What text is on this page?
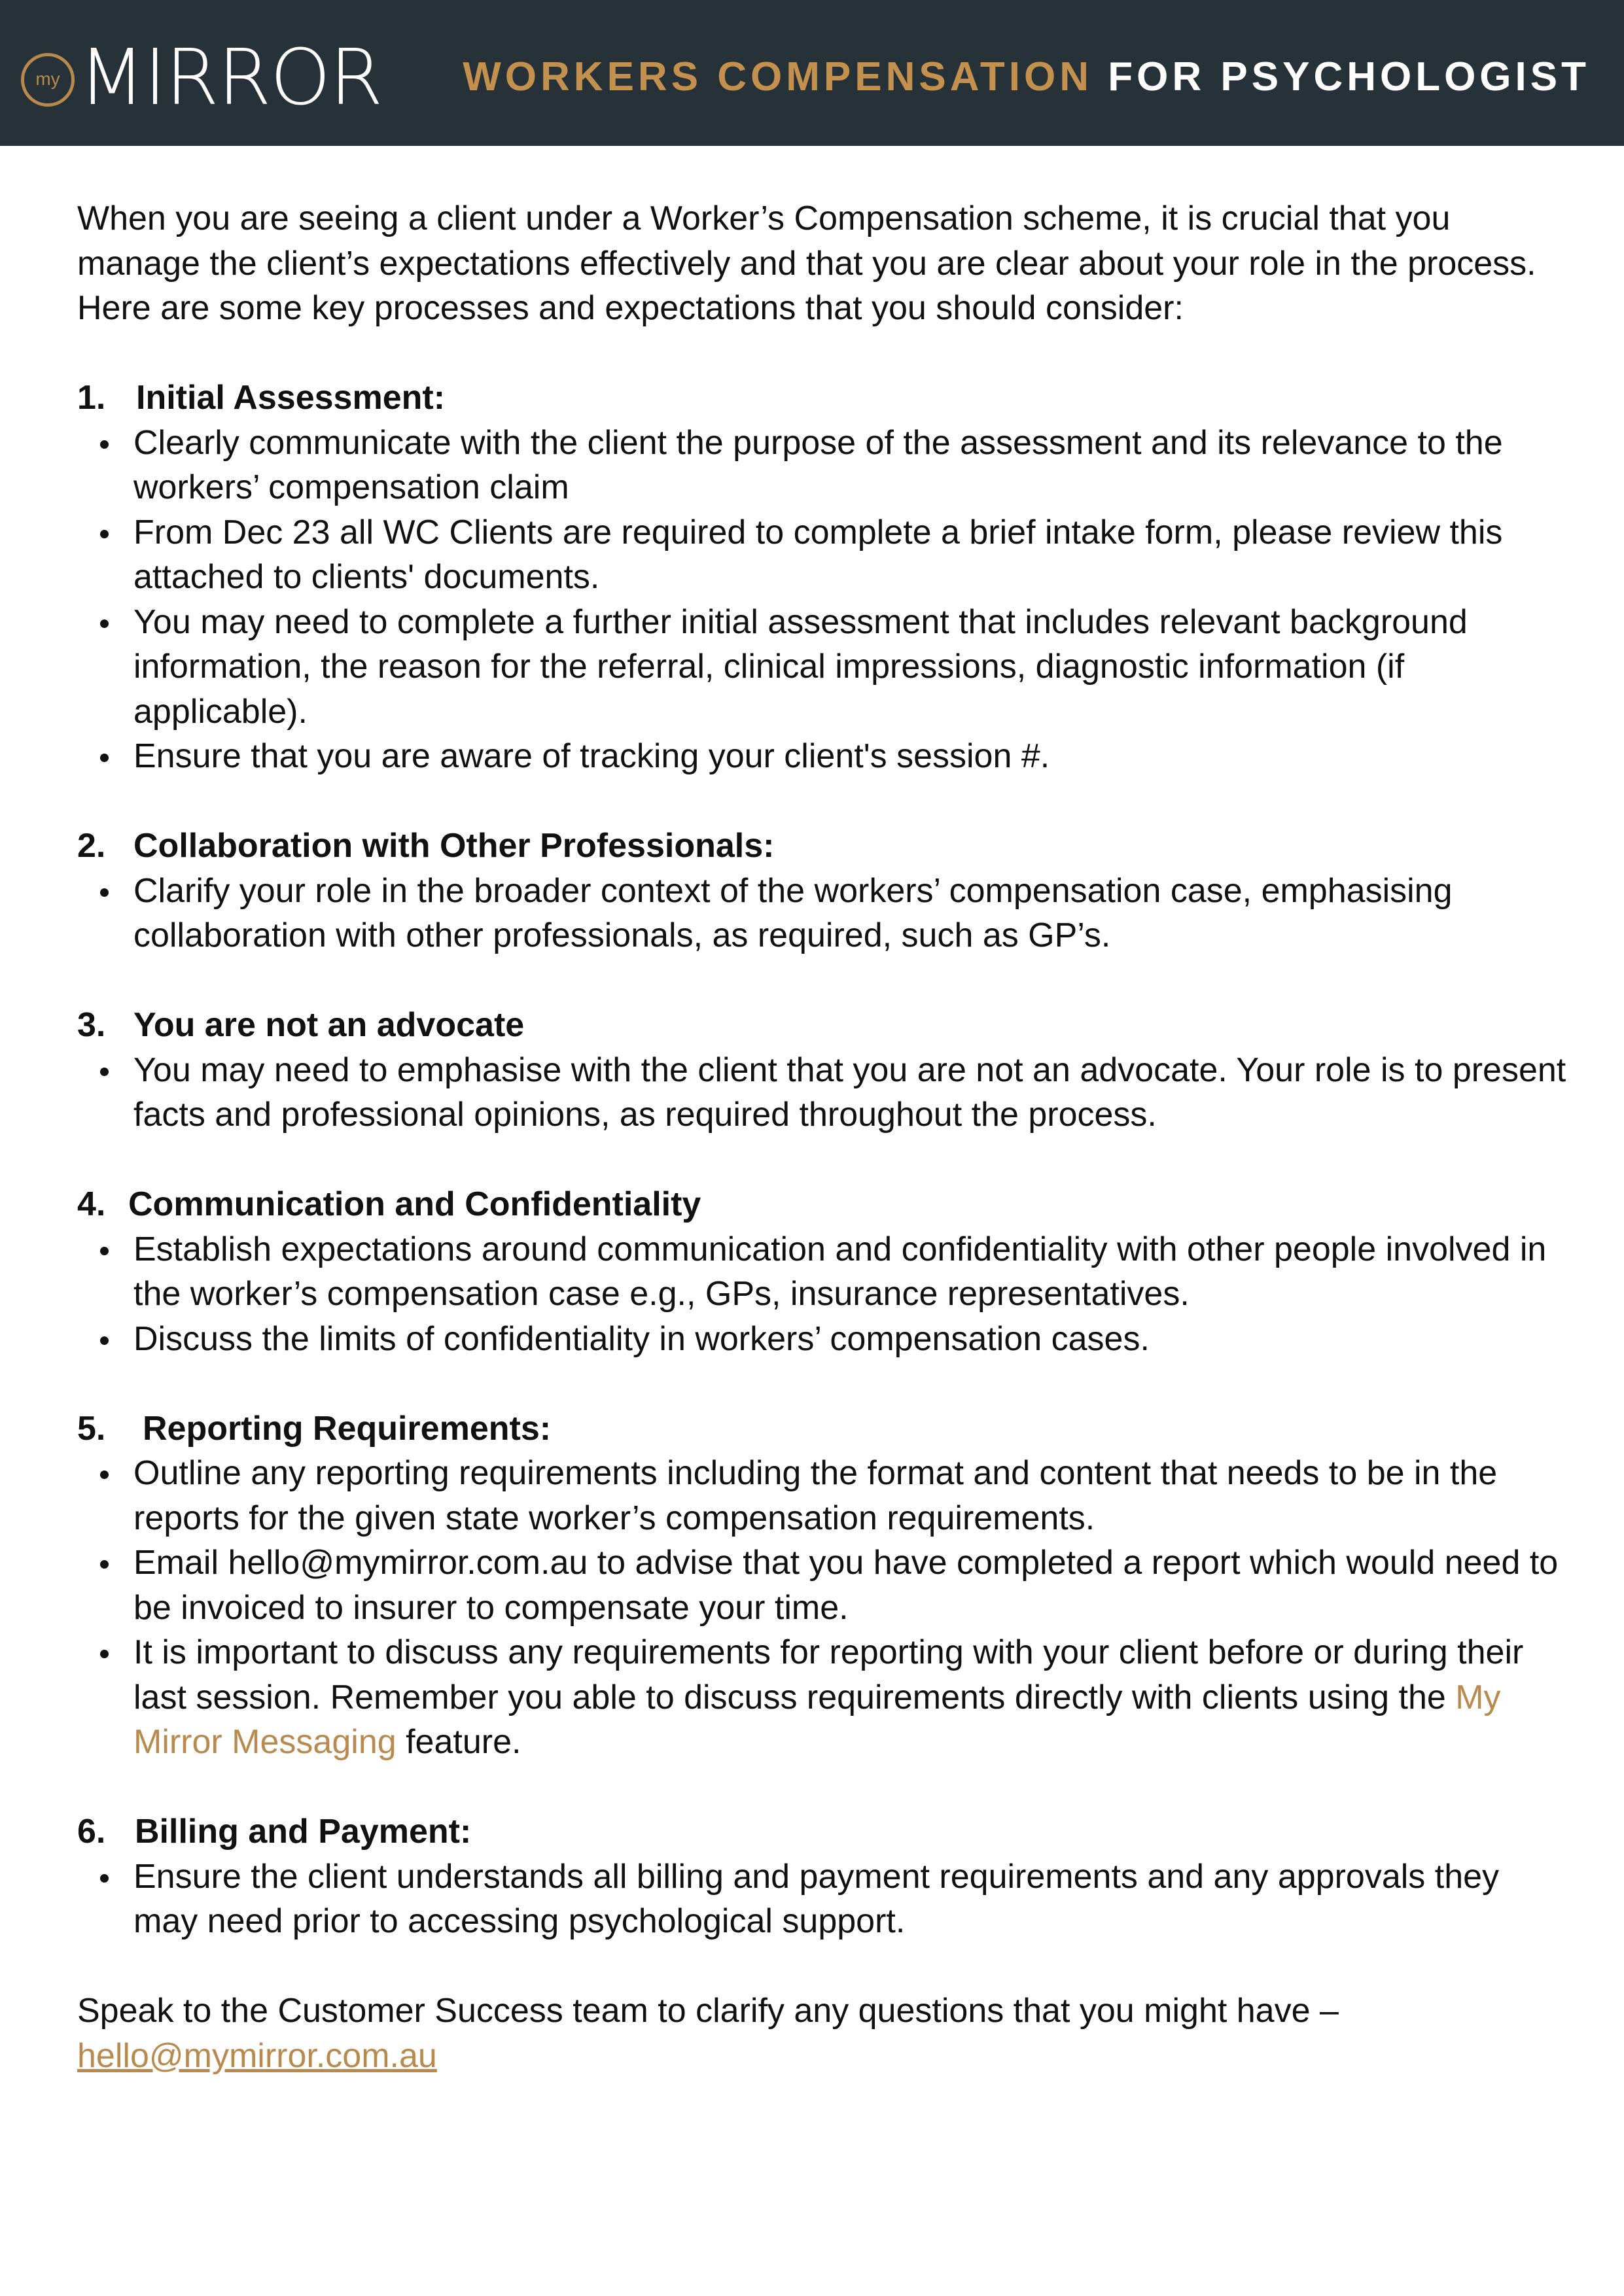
my MIRROR WORKERS COMPENSATION FOR PSYCHOLOGIST

When you are seeing a client under a Worker’s Compensation scheme, it is crucial that you manage the client’s expectations effectively and that you are clear about your role in the process. Here are some key processes and expectations that you should consider:

1. Initial Assessment:

Clearly communicate with the client the purpose of the assessment and its relevance to the workers’ compensation claim
From Dec 23 all WC Clients are required to complete a brief intake form, please review this attached to clients' documents.
You may need to complete a further initial assessment that includes relevant background information, the reason for the referral, clinical impressions, diagnostic information (if applicable).
Ensure that you are aware of tracking your client's session #.

2. Collaboration with Other Professionals:

Clarify your role in the broader context of the workers’ compensation case, emphasising collaboration with other professionals, as required, such as GP’s.

3. You are not an advocate

You may need to emphasise with the client that you are not an advocate. Your role is to present facts and professional opinions, as required throughout the process.

4. Communication and Confidentiality

Establish expectations around communication and confidentiality with other people involved in the worker’s compensation case e.g., GPs, insurance representatives.
Discuss the limits of confidentiality in workers’ compensation cases.

5. Reporting Requirements:

Outline any reporting requirements including the format and content that needs to be in the reports for the given state worker’s compensation requirements.
Email hello@mymirror.com.au to advise that you have completed a report which would need to be invoiced to insurer to compensate your time.
It is important to discuss any requirements for reporting with your client before or during their last session. Remember you able to discuss requirements directly with clients using the My Mirror Messaging feature.

6. Billing and Payment:

Ensure the client understands all billing and payment requirements and any approvals they may need prior to accessing psychological support.

Speak to the Customer Success team to clarify any questions that you might have –
hello@mymirror.com.au
